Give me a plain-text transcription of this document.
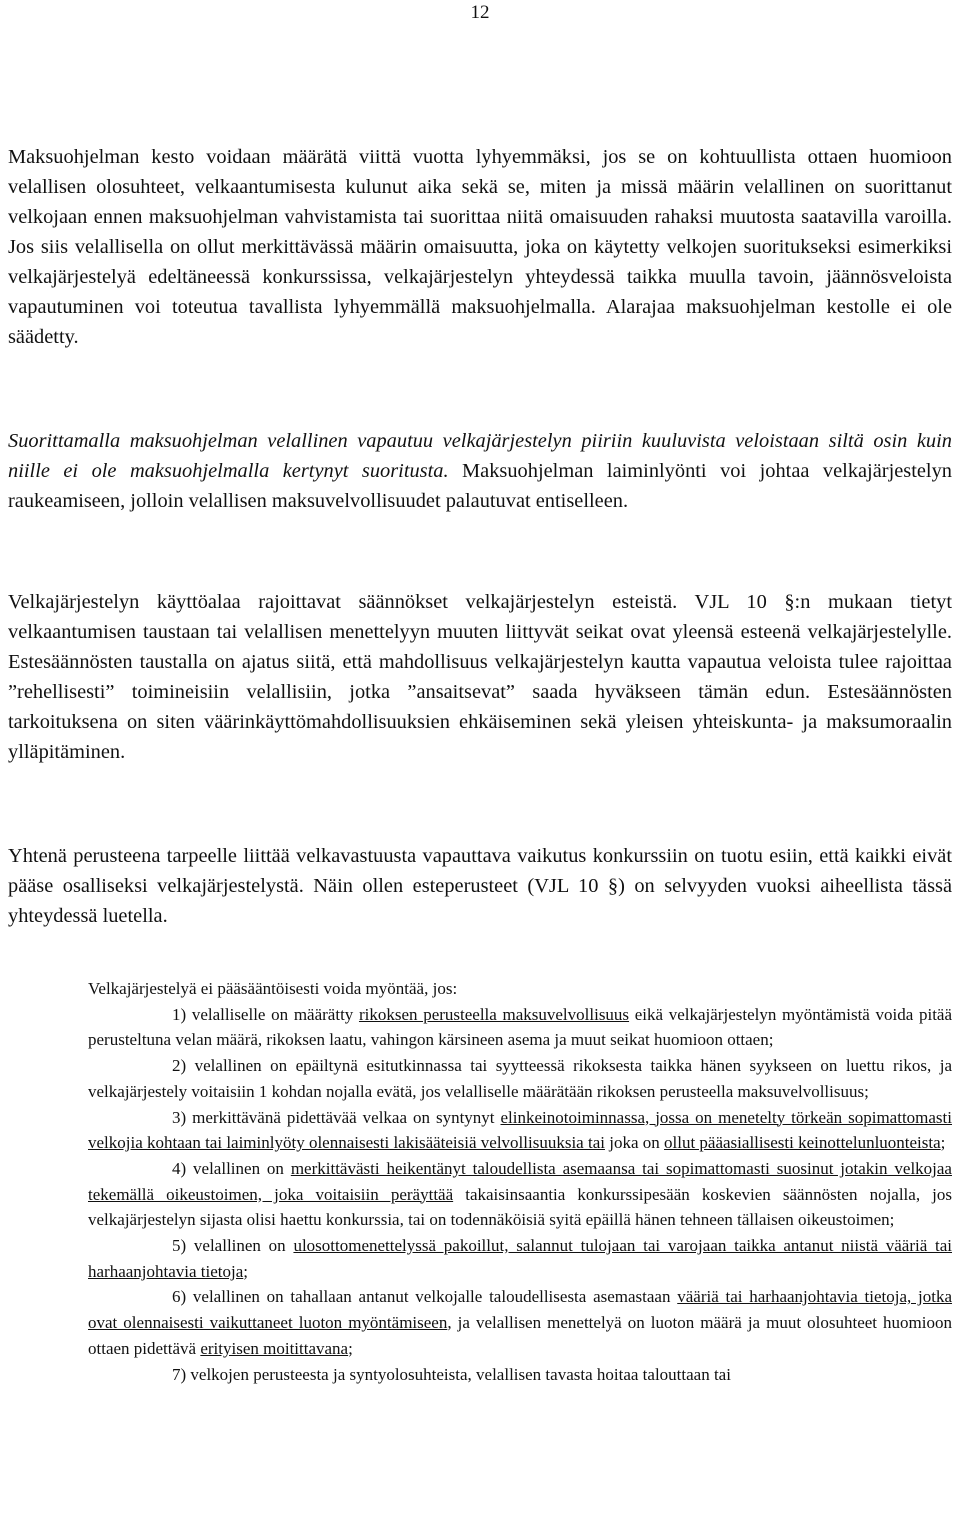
12

Maksuohjelman kesto voidaan määrätä viittä vuotta lyhyemmäksi, jos se on kohtuullista ottaen huomioon velallisen olosuhteet, velkaantumisesta kulunut aika sekä se, miten ja missä määrin velallinen on suorittanut velkojaan ennen maksuohjelman vahvistamista tai suorittaa niitä omaisuuden rahaksi muutosta saatavilla varoilla. Jos siis velallisella on ollut merkittävässä määrin omaisuutta, joka on käytetty velkojen suoritukseksi esimerkiksi velkajärjestelyä edeltäneessä konkurssissa, velkajärjestelyn yhteydessä taikka muulla tavoin, jäännösveloista vapautuminen voi toteutua tavallista lyhyemmällä maksuohjelmalla. Alarajaa maksuohjelman kestolle ei ole säädetty.

Suorittamalla maksuohjelman velallinen vapautuu velkajärjestelyn piiriin kuuluvista veloistaan siltä osin kuin niille ei ole maksuohjelmalla kertynyt suoritusta. Maksuohjelman laiminlyönti voi johtaa velkajärjestelyn raukeamiseen, jolloin velallisen maksuvelvollisuudet palautuvat entiselleen.

Velkajärjestelyn käyttöalaa rajoittavat säännökset velkajärjestelyn esteistä. VJL 10 §:n mukaan tietyt velkaantumisen taustaan tai velallisen menettelyyn muuten liittyvät seikat ovat yleensä esteenä velkajärjestelylle. Estesäännösten taustalla on ajatus siitä, että mahdollisuus velkajärjestelyn kautta vapautua veloista tulee rajoittaa ”rehellisesti” toimineisiin velallisiin, jotka ”ansaitsevat” saada hyväkseen tämän edun. Estesäännösten tarkoituksena on siten väärinkäyttömahdollisuuksien ehkäiseminen sekä yleisen yhteiskunta- ja maksumoraalin ylläpitäminen.

Yhtenä perusteena tarpeelle liittää velkavastuusta vapauttava vaikutus konkurssiin on tuotu esiin, että kaikki eivät pääse osalliseksi velkajärjestelystä. Näin ollen esteperusteet (VJL 10 §) on selvyyden vuoksi aiheellista tässä yhteydessä luetella.

Velkajärjestelyä ei pääsääntöisesti voida myöntää, jos:

1) velalliselle on määrätty rikoksen perusteella maksuvelvollisuus eikä velkajärjestelyn myöntämistä voida pitää perusteltuna velan määrä, rikoksen laatu, vahingon kärsineen asema ja muut seikat huomioon ottaen;

2) velallinen on epäiltynä esitutkinnassa tai syytteessä rikoksesta taikka hänen syykseen on luettu rikos, ja velkajärjestely voitaisiin 1 kohdan nojalla evätä, jos velalliselle määrätään rikoksen perusteella maksuvelvollisuus;

3) merkittävänä pidettävää velkaa on syntynyt elinkeinotoiminnassa, jossa on menetelty törkeän sopimattomasti velkojia kohtaan tai laiminlyöty olennaisesti lakisääteisiä velvollisuuksia tai joka on ollut pääasiallisesti keinottelunluonteista;

4) velallinen on merkittävästi heikentänyt taloudellista asemaansa tai sopimattomasti suosinut jotakin velkojaa tekemällä oikeustoimen, joka voitaisiin peräyttää takaisinsaantia konkurssipesään koskevien säännösten nojalla, jos velkajärjestelyn sijasta olisi haettu konkurssia, tai on todennäköisiä syitä epäillä hänen tehneen tällaisen oikeustoimen;

5) velallinen on ulosottomenettelyssä pakoillut, salannut tulojaan tai varojaan taikka antanut niistä vääriä tai harhaanjohtavia tietoja;

6) velallinen on tahallaan antanut velkojalle taloudellisesta asemastaan vääriä tai harhaanjohtavia tietoja, jotka ovat olennaisesti vaikuttaneet luoton myöntämiseen, ja velallisen menettelyä on luoton määrä ja muut olosuhteet huomioon ottaen pidettävä erityisen moitittavana;

7) velkojen perusteesta ja syntyolosuhteista, velallisen tavasta hoitaa talouttaan tai
